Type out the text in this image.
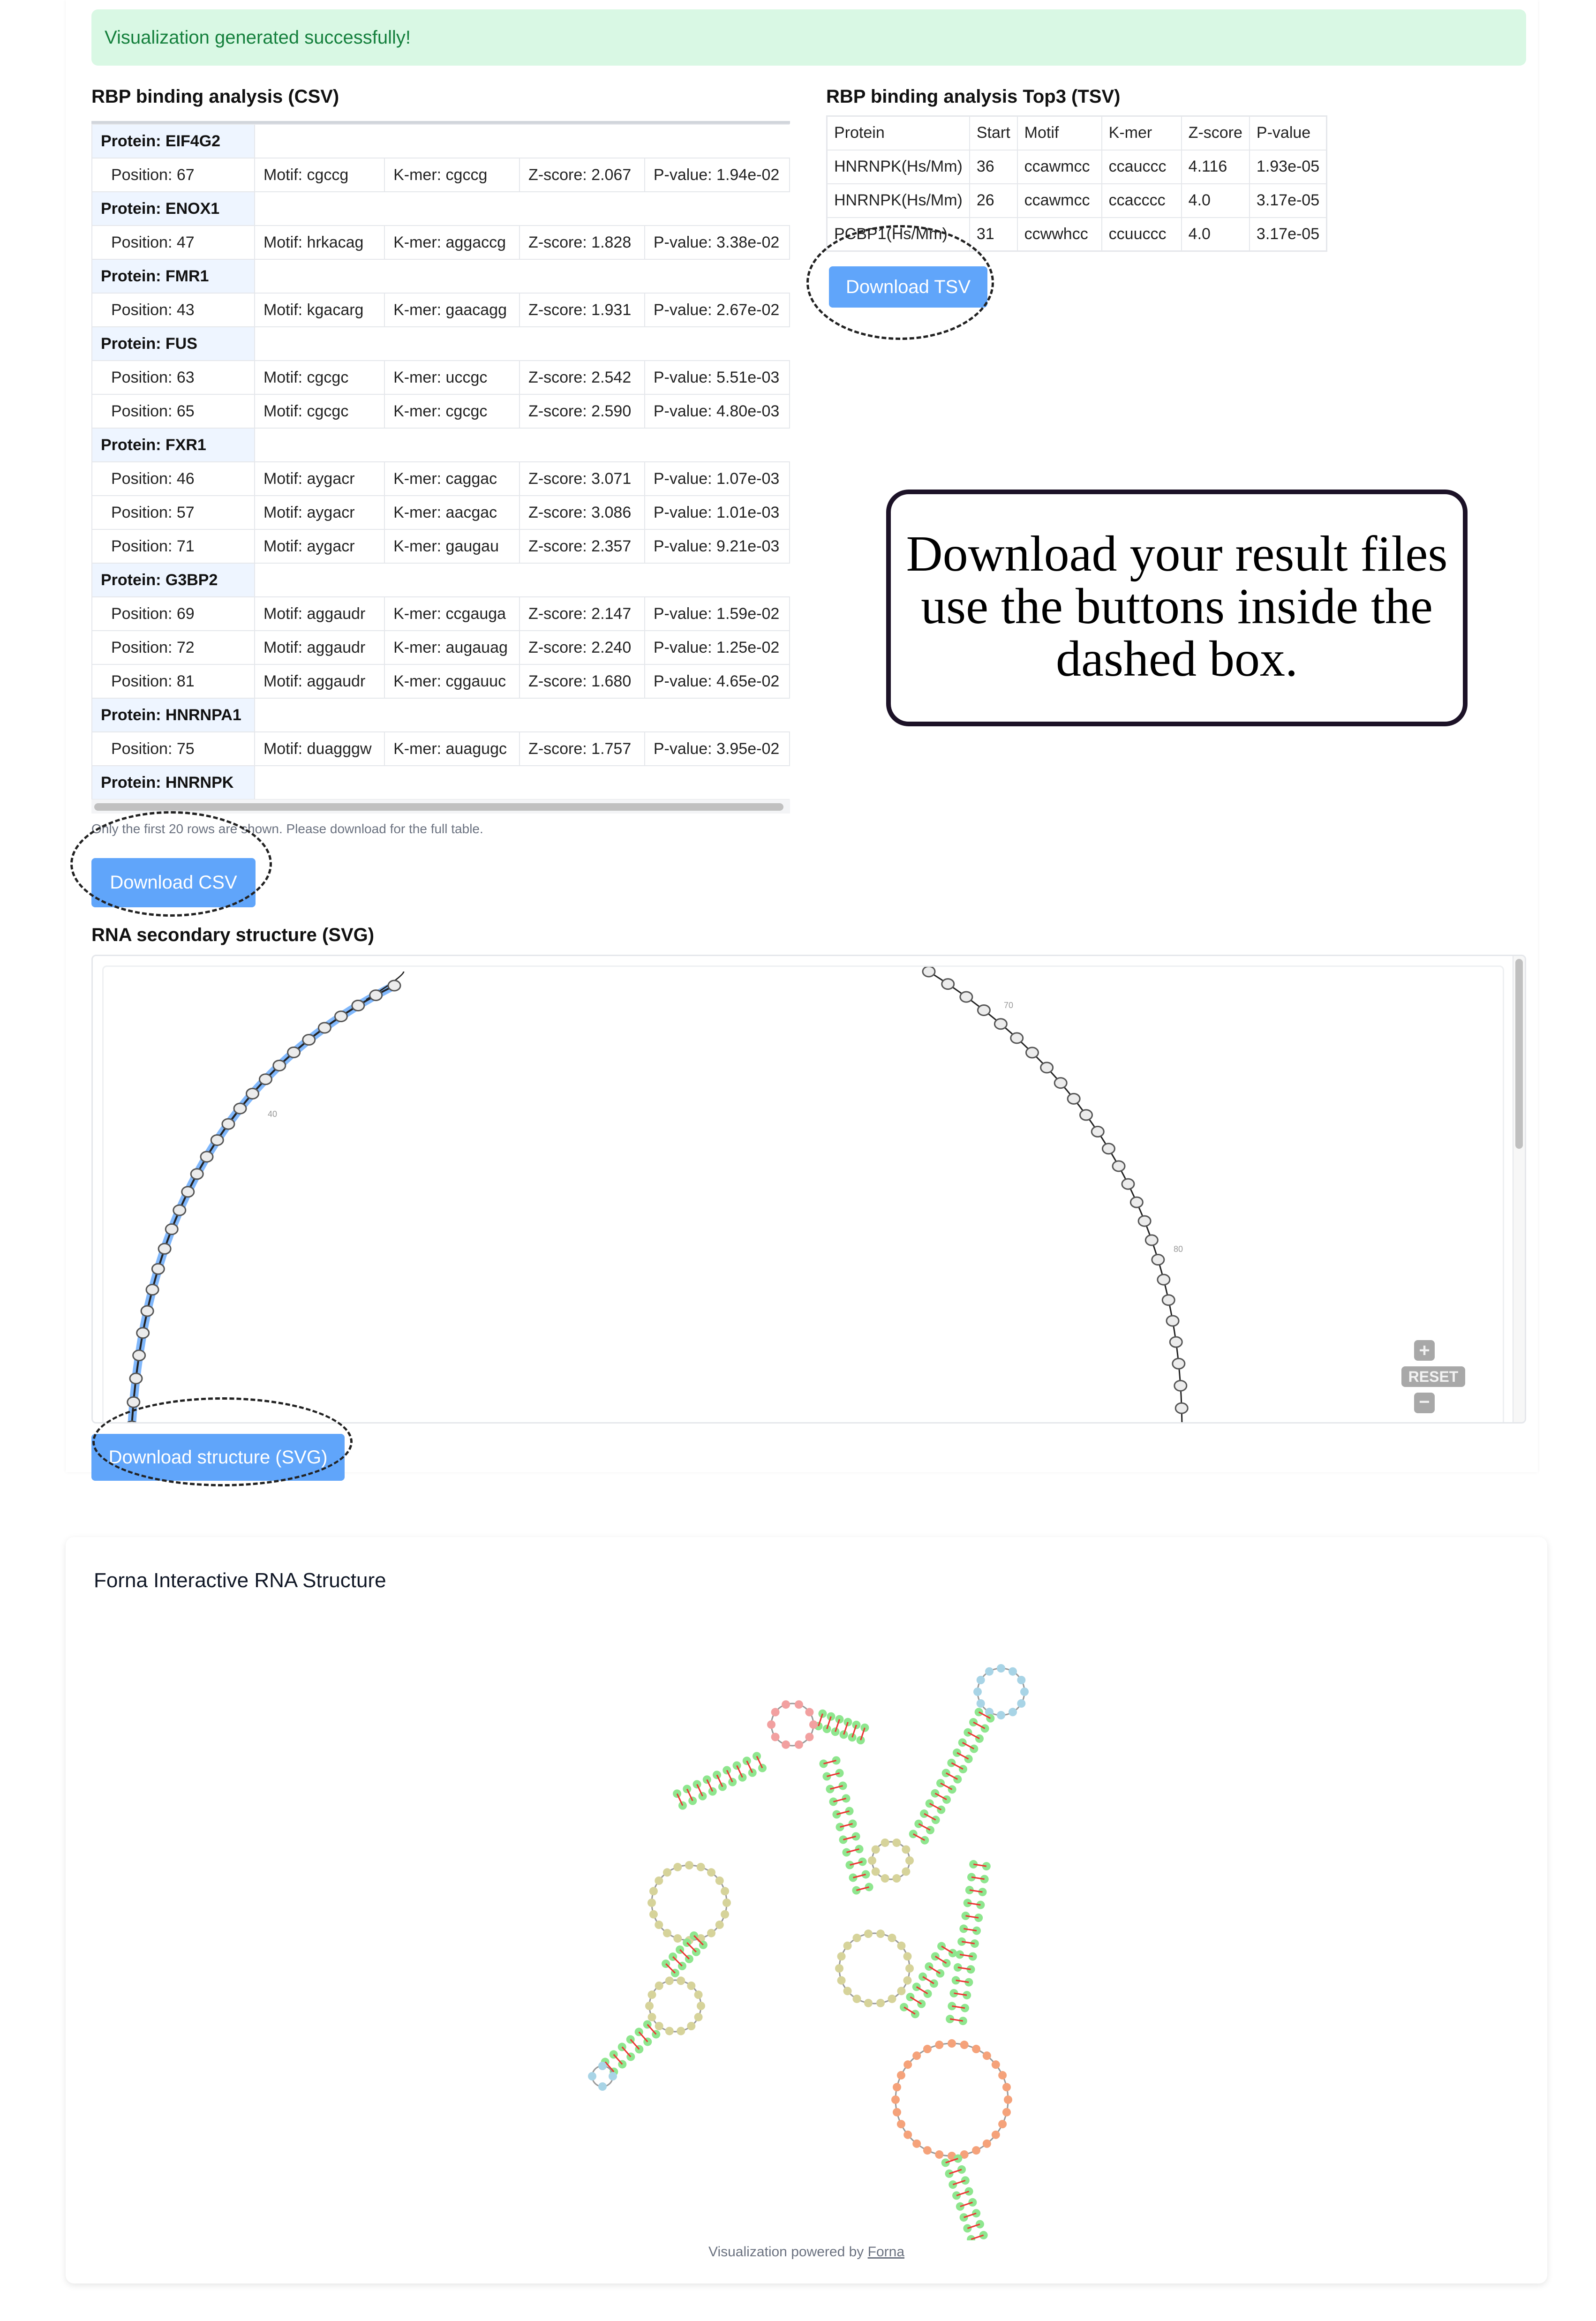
Visualization generated successfully!
RBP binding analysis (CSV)
Protein: EIF4G2				
Position: 67	Motif: cgccg	K-mer: cgccg	Z-score: 2.067	P-value: 1.94e-02
Protein: ENOX1				
Position: 47	Motif: hrkacag	K-mer: aggaccg	Z-score: 1.828	P-value: 3.38e-02
Protein: FMR1				
Position: 43	Motif: kgacarg	K-mer: gaacagg	Z-score: 1.931	P-value: 2.67e-02
Protein: FUS				
Position: 63	Motif: cgcgc	K-mer: uccgc	Z-score: 2.542	P-value: 5.51e-03
Position: 65	Motif: cgcgc	K-mer: cgcgc	Z-score: 2.590	P-value: 4.80e-03
Protein: FXR1				
Position: 46	Motif: aygacr	K-mer: caggac	Z-score: 3.071	P-value: 1.07e-03
Position: 57	Motif: aygacr	K-mer: aacgac	Z-score: 3.086	P-value: 1.01e-03
Position: 71	Motif: aygacr	K-mer: gaugau	Z-score: 2.357	P-value: 9.21e-03
Protein: G3BP2				
Position: 69	Motif: aggaudr	K-mer: ccgauga	Z-score: 2.147	P-value: 1.59e-02
Position: 72	Motif: aggaudr	K-mer: augauag	Z-score: 2.240	P-value: 1.25e-02
Position: 81	Motif: aggaudr	K-mer: cggauuc	Z-score: 1.680	P-value: 4.65e-02
Protein: HNRNPA1				
Position: 75	Motif: duagggw	K-mer: auagugc	Z-score: 1.757	P-value: 3.95e-02
Protein: HNRNPK				
Only the first 20 rows are shown. Please download for the full table.
Download CSV
RBP binding analysis Top3 (TSV)
Protein	Start	Motif	K-mer	Z-score	P-value
HNRNPK(Hs/Mm)	36	ccawmcc	ccauccc	4.116	1.93e-05
HNRNPK(Hs/Mm)	26	ccawmcc	ccacccc	4.0	3.17e-05
PCBP1(Hs/Mm)	31	ccwwhcc	ccuuccc	4.0	3.17e-05
Download TSV
Download your result files use the buttons inside the dashed box.
RNA secondary structure (SVG)
40
70
80
+
RESET
−
Download structure (SVG)
Forna Interactive RNA Structure
Visualization powered by Forna
